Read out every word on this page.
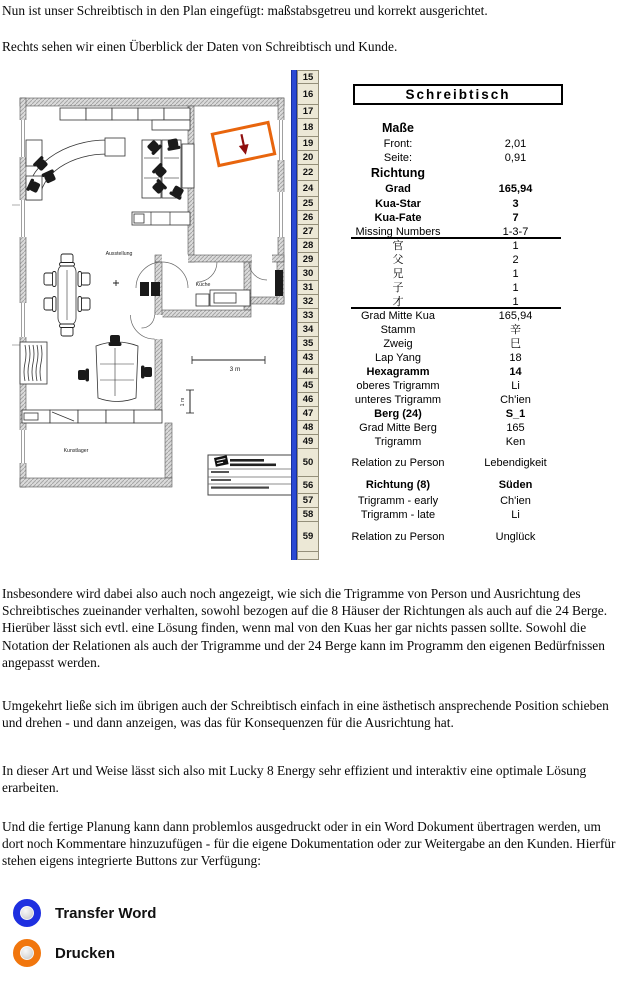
Nun ist unser Schreibtisch in den Plan eingefügt: maßstabsgetreu und korrekt ausgerichtet.
Rechts sehen wir einen Überblick der Daten von Schreibtisch und Kunde.
3 m
1 m
Ausstellung
Küche
Kunstlager
15
16	Schreibtisch
17
18	Maße
19	Front:	2,01
20	Seite:	0,91
22	Richtung
24	Grad	165,94
25	Kua-Star	3
26	Kua-Fate	7
27	Missing Numbers	1-3-7
28	官	1
29	父	2
30	兄	1
31	子	1
32	才	1
33	Grad Mitte Kua	165,94
34	Stamm	辛
35	Zweig	巳
43	Lap Yang	18
44	Hexagramm	14
45	oberes Trigramm	Li
46	unteres Trigramm	Ch'ien
47	Berg (24)	S_1
48	Grad Mitte Berg	165
49	Trigramm	Ken
50	Relation zu Person	Lebendigkeit
56	Richtung (8)	Süden
57	Trigramm - early	Ch'ien
58	Trigramm - late	Li
59	Relation zu Person	Unglück
Insbesondere wird dabei also auch noch angezeigt, wie sich die Trigramme von Person und Ausrichtung des Schreibtisches zueinander verhalten, sowohl bezogen auf die 8 Häuser der Richtungen als auch auf die 24 Berge. Hierüber lässt sich evtl. eine Lösung finden, wenn mal von den Kuas her gar nichts passen sollte. Sowohl die Notation der Relationen als auch der Trigramme und der 24 Berge kann im Programm den eigenen Bedürfnissen angepasst werden.
Umgekehrt ließe sich im übrigen auch der Schreibtisch einfach in eine ästhetisch ansprechende Position schieben und drehen - und dann anzeigen, was das für Konsequenzen für die Ausrichtung hat.
In dieser Art und Weise lässt sich also mit Lucky 8 Energy sehr effizient und interaktiv eine optimale Lösung erarbeiten.
Und die fertige Planung kann dann problemlos ausgedruckt oder in ein Word Dokument übertragen werden, um dort noch Kommentare hinzuzufügen - für die eigene Dokumentation oder zur Weitergabe an den Kunden. Hierfür stehen eigens integrierte Buttons zur Verfügung:
Transfer Word
Drucken
